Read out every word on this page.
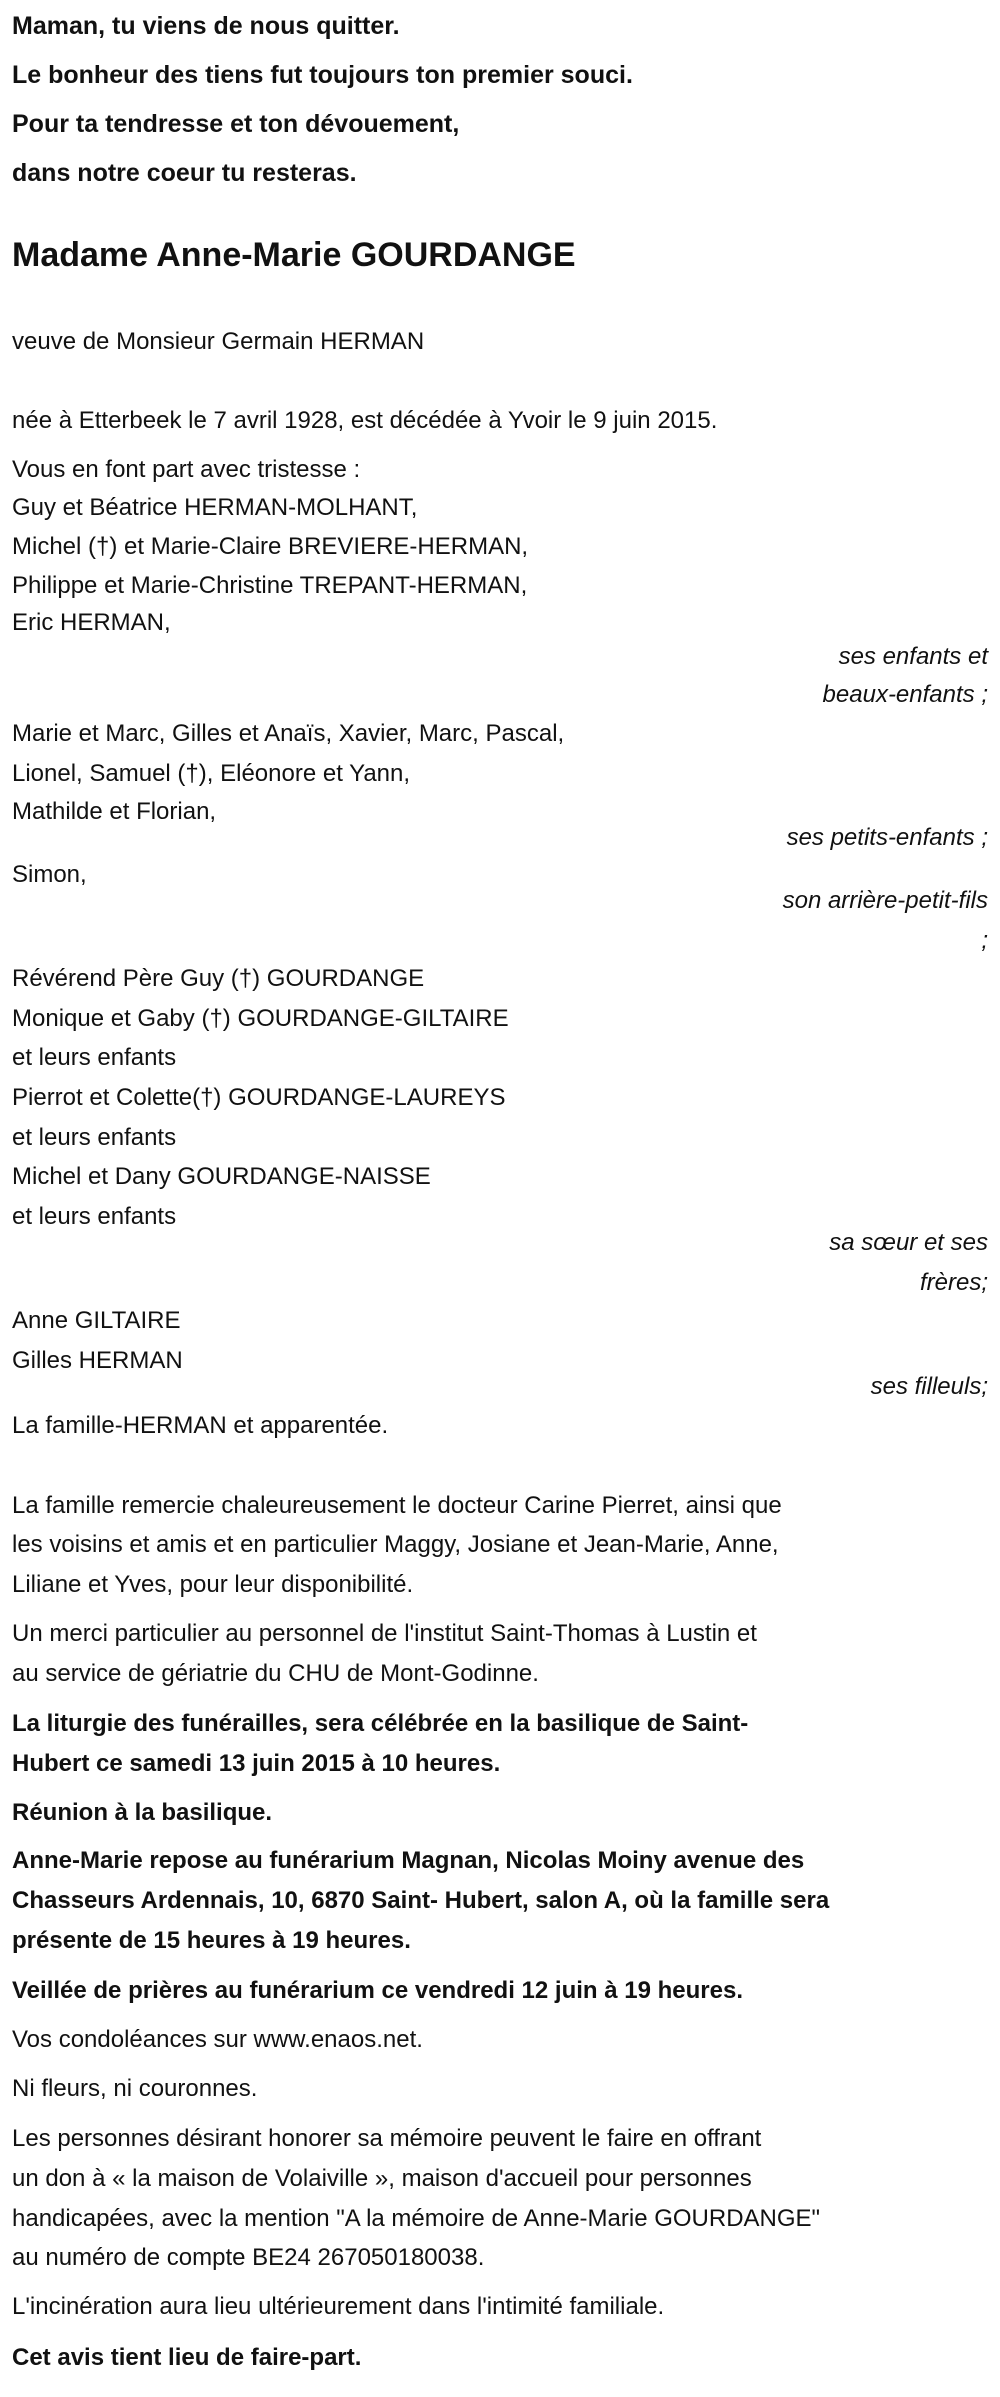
Maman, tu viens de nous quitter.
Le bonheur des tiens fut toujours ton premier souci.
Pour ta tendresse et ton dévouement,
dans notre coeur tu resteras.
Madame Anne-Marie GOURDANGE
veuve de Monsieur Germain HERMAN
née à Etterbeek le 7 avril 1928, est décédée à Yvoir le 9 juin 2015.
Vous en font part avec tristesse :
Guy et Béatrice HERMAN-MOLHANT,
Michel (†) et Marie-Claire BREVIERE-HERMAN,
Philippe et Marie-Christine TREPANT-HERMAN,
Eric HERMAN,
ses enfants et
beaux-enfants ;
Marie et Marc, Gilles et Anaïs, Xavier, Marc, Pascal,
Lionel, Samuel (†), Eléonore et Yann,
Mathilde et Florian,
ses petits-enfants ;
Simon,
son arrière-petit-fils
;
Révérend Père Guy (†) GOURDANGE
Monique et Gaby (†) GOURDANGE-GILTAIRE
et leurs enfants
Pierrot et Colette(†) GOURDANGE-LAUREYS
et leurs enfants
Michel et Dany GOURDANGE-NAISSE
et leurs enfants
sa sœur et ses
frères;
Anne GILTAIRE
Gilles HERMAN
ses filleuls;
La famille-HERMAN et apparentée.
La famille remercie chaleureusement le docteur Carine Pierret, ainsi que
les voisins et amis et en particulier Maggy, Josiane et Jean-Marie, Anne,
Liliane et Yves, pour leur disponibilité.
Un merci particulier au personnel de l'institut Saint-Thomas à Lustin et
au service de gériatrie du CHU de Mont-Godinne.
La liturgie des funérailles, sera célébrée en la basilique de Saint-
Hubert ce samedi 13 juin 2015 à 10 heures.
Réunion à la basilique.
Anne-Marie repose au funérarium Magnan, Nicolas Moiny avenue des
Chasseurs Ardennais, 10, 6870 Saint- Hubert, salon A, où la famille sera
présente de 15 heures à 19 heures.
Veillée de prières au funérarium ce vendredi 12 juin à 19 heures.
Vos condoléances sur www.enaos.net.
Ni fleurs, ni couronnes.
Les personnes désirant honorer sa mémoire peuvent le faire en offrant
un don à « la maison de Volaiville », maison d'accueil pour personnes
handicapées, avec la mention "A la mémoire de Anne-Marie GOURDANGE"
au numéro de compte BE24 267050180038.
L'incinération aura lieu ultérieurement dans l'intimité familiale.
Cet avis tient lieu de faire-part.
